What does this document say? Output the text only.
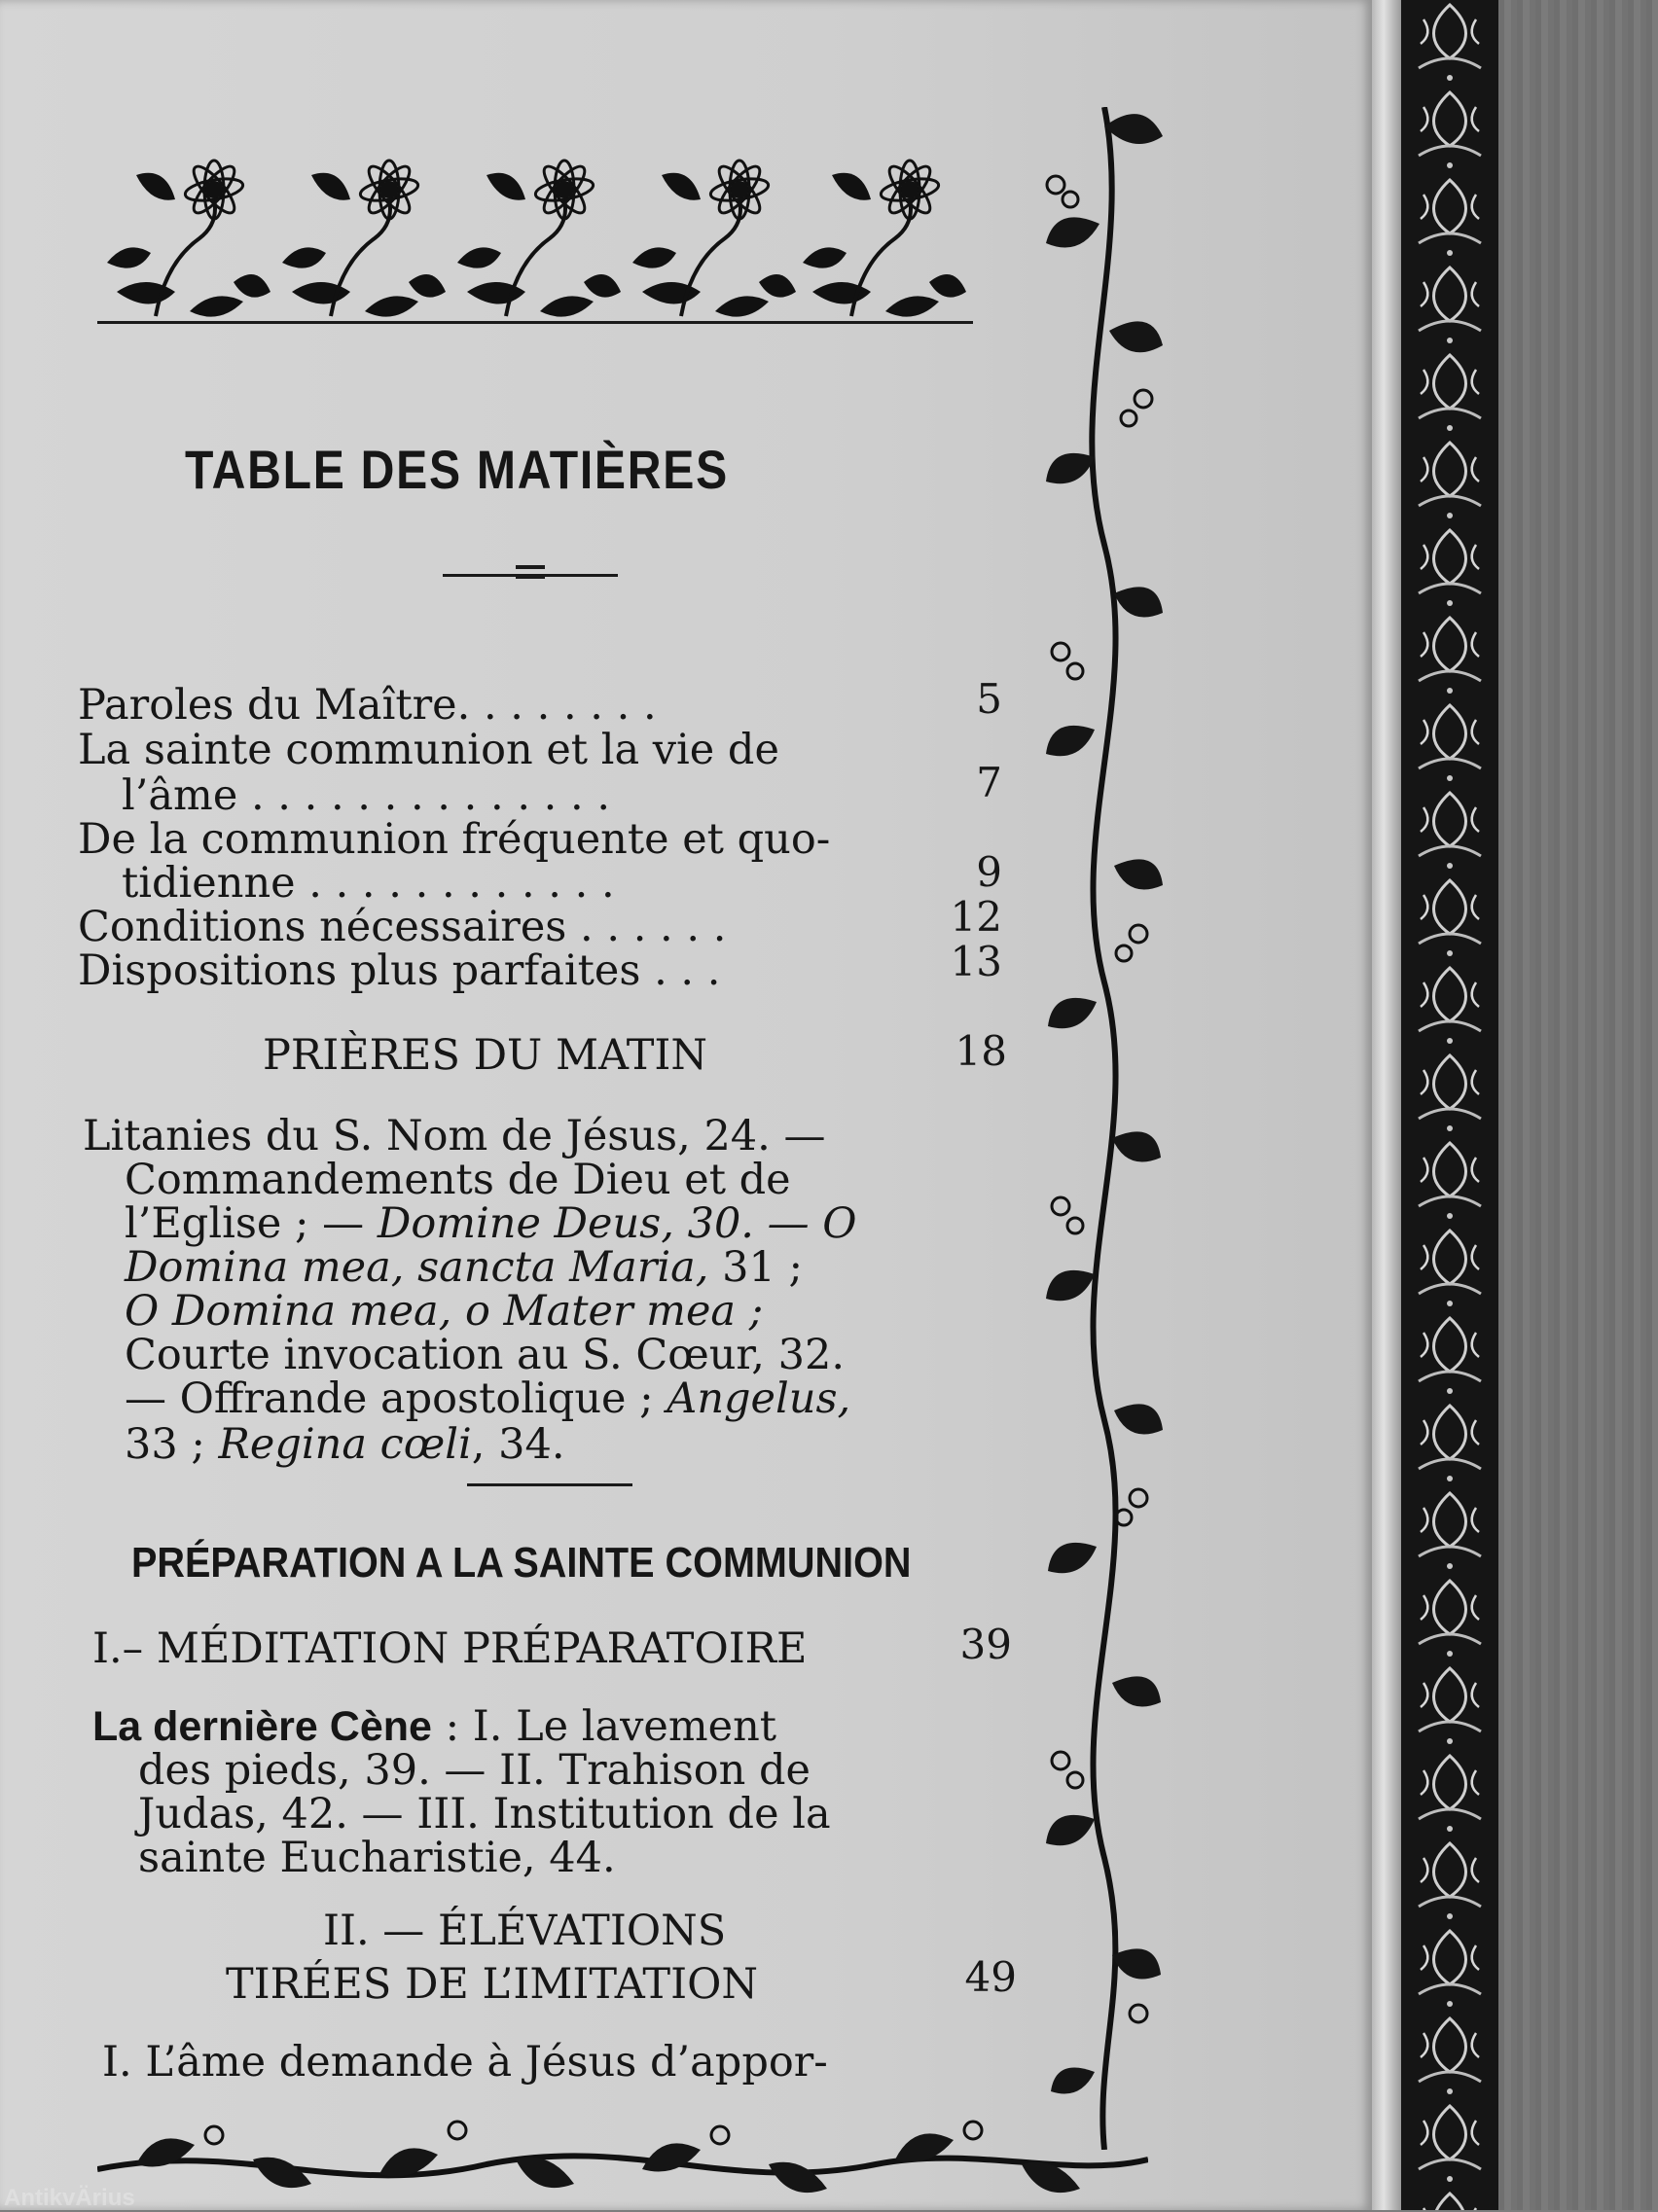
TABLE DES MATIÈRES
Paroles du Maître. . . . . . . .	5
La sainte communion et la vie de
l’âme . . . . . . . . . . . . . .	7
De la communion fréquente et quo-
tidienne . . . . . . . . . . . .	9
Conditions nécessaires . . . . . .	12
Dispositions plus parfaites . . .	13
PRIÈRES DU MATIN	18
Litanies du S. Nom de Jésus, 24. —
Commandements de Dieu et de
l’Eglise ; — Domine Deus, 30. — O
Domina mea, sancta Maria, 31 ;
O Domina mea, o Mater mea ;
Courte invocation au S. Cœur, 32.
— Offrande apostolique ; Angelus,
33 ; Regina cœli, 34.
PRÉPARATION A LA SAINTE COMMUNION
I.– MÉDITATION PRÉPARATOIRE	39
La dernière Cène : I. Le lavement
des pieds, 39. — II. Trahison de
Judas, 42. — III. Institution de la
sainte Eucharistie, 44.
II. — ÉLÉVATIONS
TIRÉES DE L’IMITATION	49
I. L’âme demande à Jésus d’appor-
AntikvÄrius
